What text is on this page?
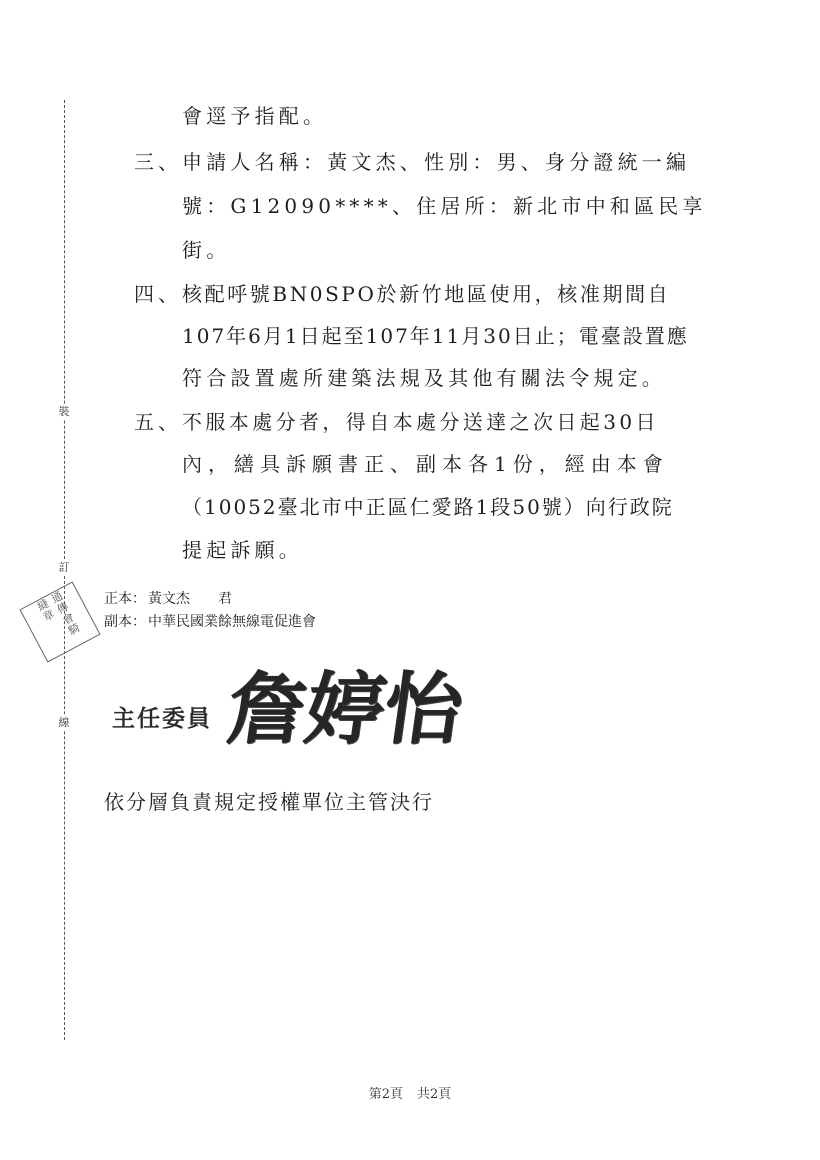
裝
訂
線
會逕予指配。
三、 申請人名稱：黃文杰、性別：男、身分證統一編
號：G12090****、住居所：新北市中和區民享
街。
四、 核配呼號BN0SPO於新竹地區使用，核准期間自
107年6月1日起至107年11月30日止；電臺設置應
符合設置處所建築法規及其他有關法令規定。
五、 不服本處分者，得自本處分送達之次日起30日
內，繕具訴願書正、副本各1份，經由本會
（10052臺北市中正區仁愛路1段50號）向行政院
提起訴願。
正本： 黃文杰 君
副本： 中華民國業餘無線電促進會
通傳會騎縫章
主任委員 詹婷怡
依分層負責規定授權單位主管決行
第2頁 共2頁
